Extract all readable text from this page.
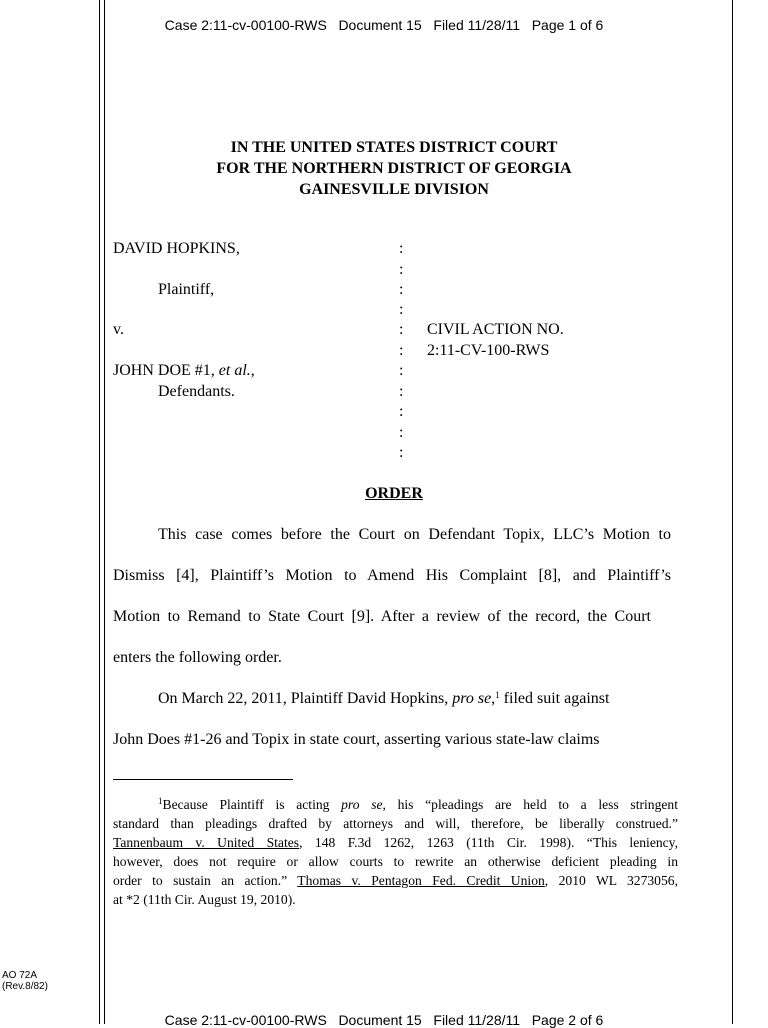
Case 2:11-cv-00100-RWS   Document 15   Filed 11/28/11   Page 1 of 6
IN THE UNITED STATES DISTRICT COURT
FOR THE NORTHERN DISTRICT OF GEORGIA
GAINESVILLE DIVISION
DAVID HOPKINS,
Plaintiff,
v.
JOHN DOE #1, et al.,
Defendants.
CIVIL ACTION NO.
2:11-CV-100-RWS
:
:
:
:
:
:
:
:
:
:
:
ORDER
This case comes before the Court on Defendant Topix, LLC’s Motion to
Dismiss [4], Plaintiff’s Motion to Amend His Complaint [8], and Plaintiff’s
Motion to Remand to State Court [9]. After a review of the record, the Court
enters the following order.
On March 22, 2011, Plaintiff David Hopkins, pro se,$^1$ filed suit against
John Does #1-26 and Topix in state court, asserting various state-law claims
$^1$Because Plaintiff is acting pro se, his “pleadings are held to a less stringent
standard than pleadings drafted by attorneys and will, therefore, be liberally construed.”
Tannenbaum v. United States, 148 F.3d 1262, 1263 (11th Cir. 1998). “This leniency,
however, does not require or allow courts to rewrite an otherwise deficient pleading in
order to sustain an action.” Thomas v. Pentagon Fed. Credit Union, 2010 WL 3273056,
at *2 (11th Cir. August 19, 2010).
AO 72A
(Rev.8/82)
Case 2:11-cv-00100-RWS   Document 15   Filed 11/28/11   Page 2 of 6
